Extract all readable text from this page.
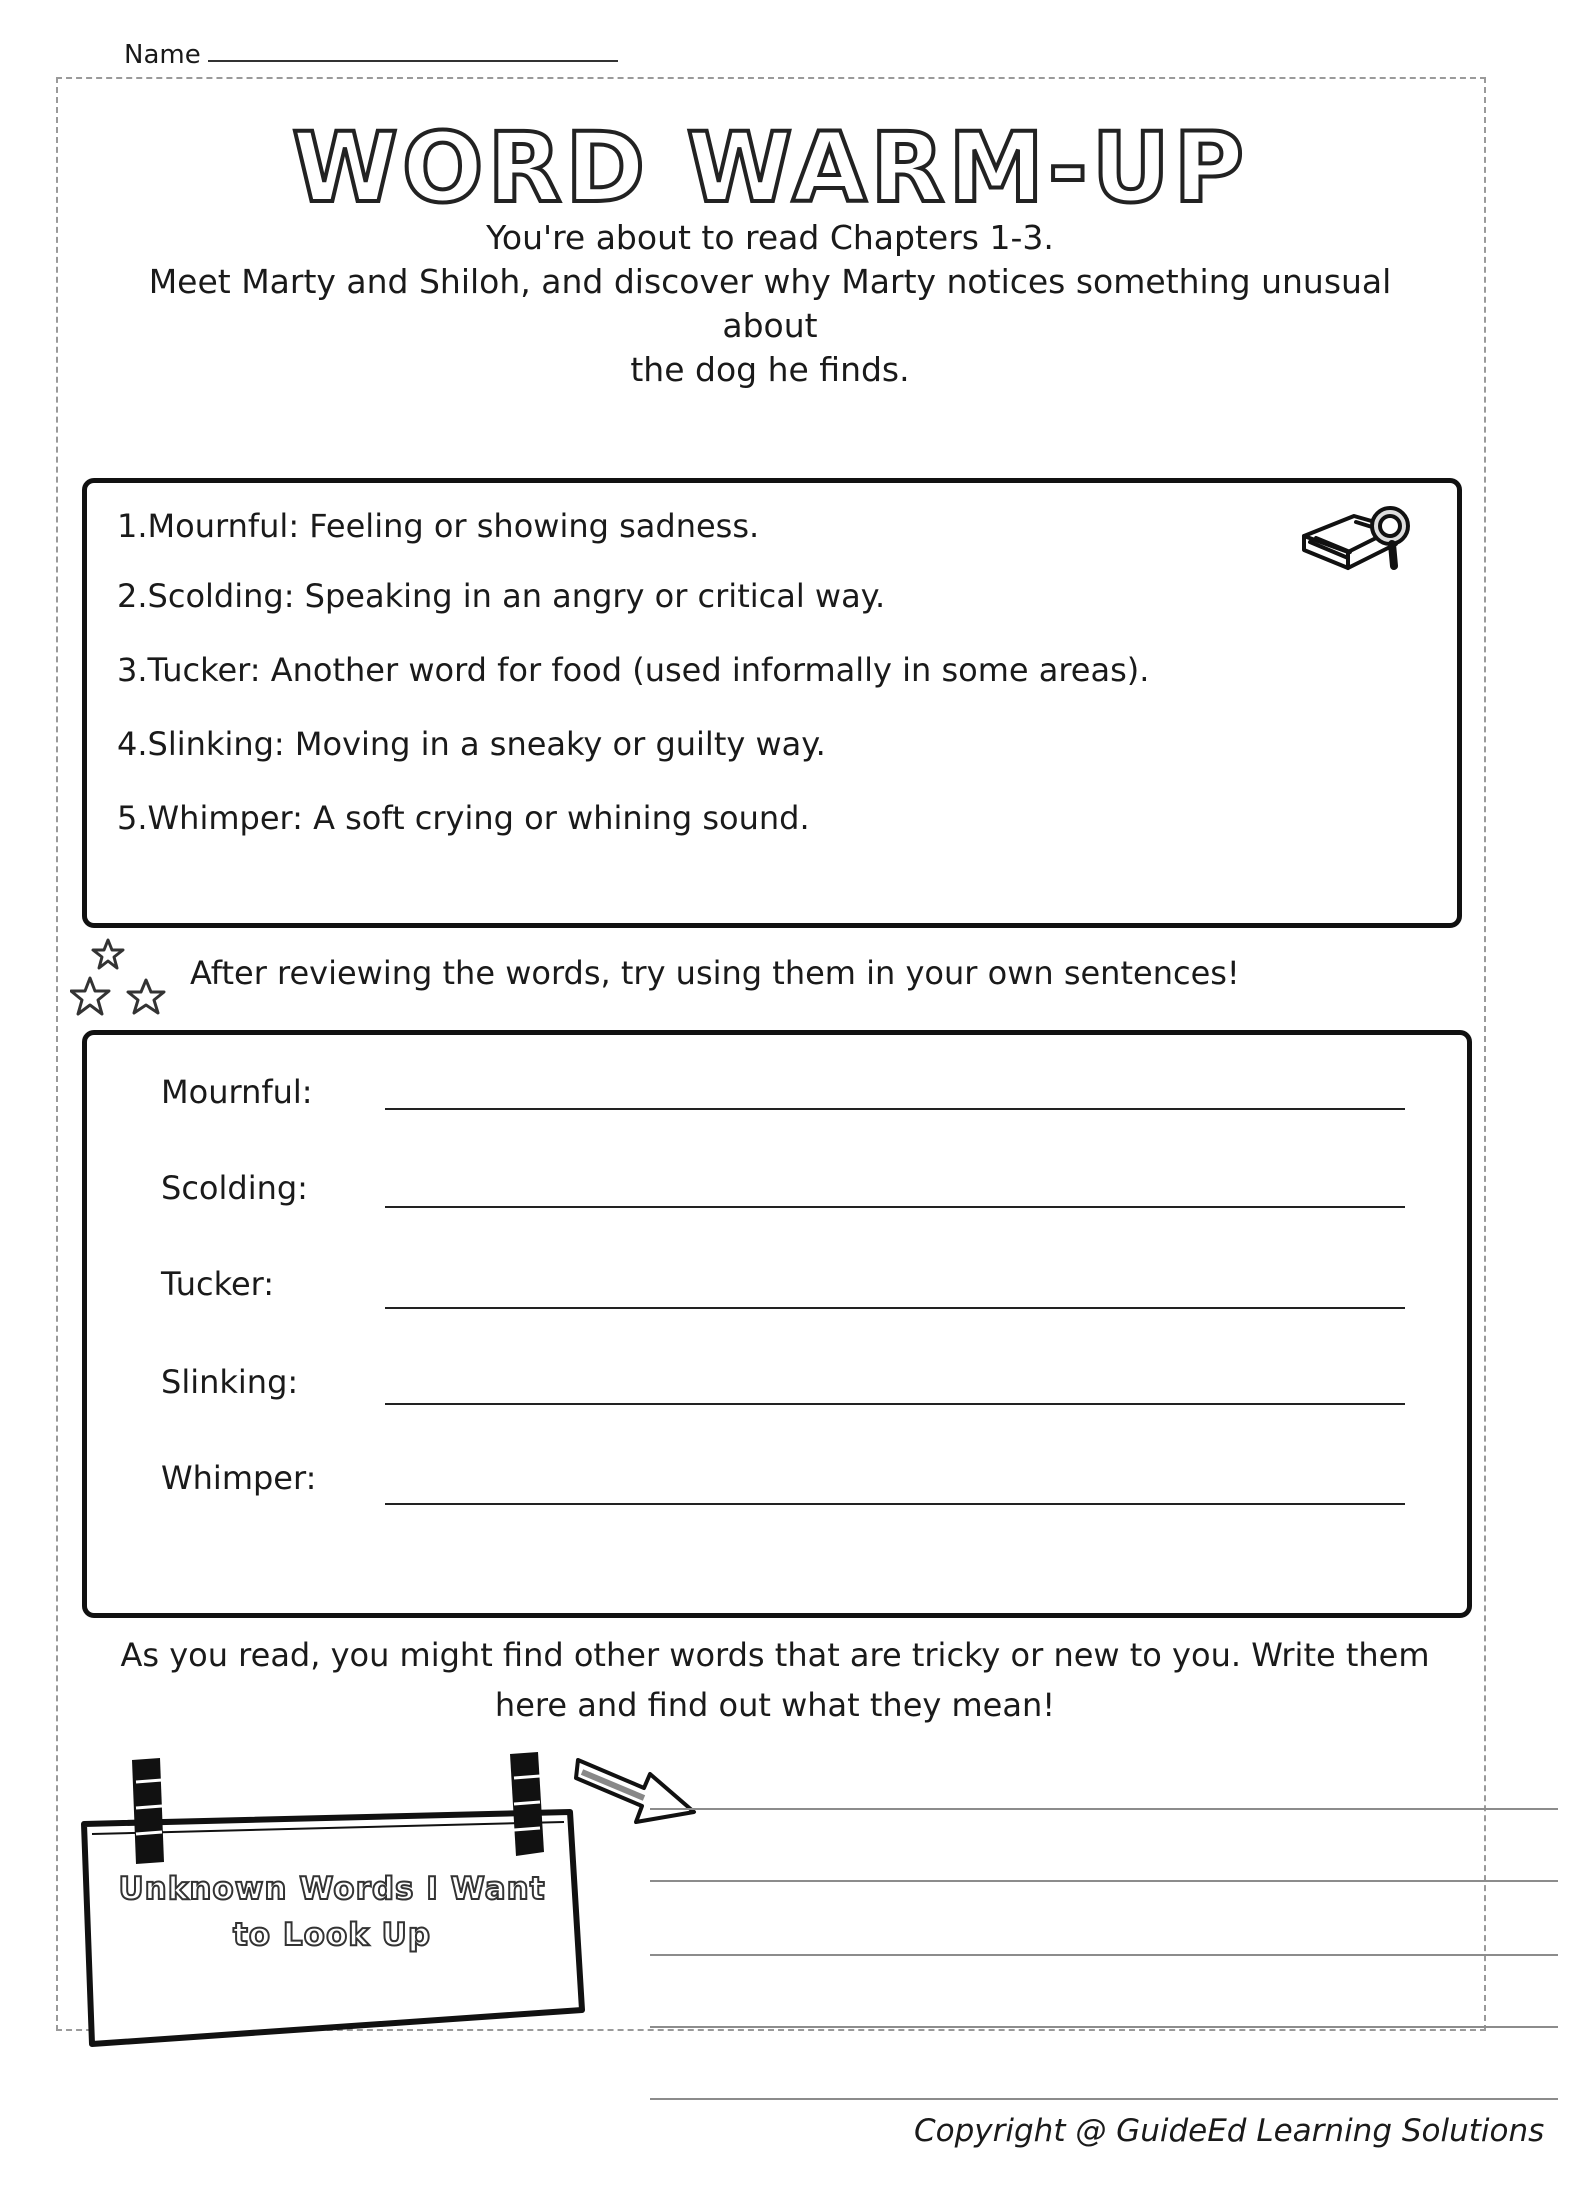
Name
WORD WARM-UP
You're about to read Chapters 1-3.
Meet Marty and Shiloh, and discover why Marty notices something unusual about
the dog he finds.
1.Mournful: Feeling or showing sadness.
2.Scolding: Speaking in an angry or critical way.
3.Tucker: Another word for food (used informally in some areas).
4.Slinking: Moving in a sneaky or guilty way.
5.Whimper: A soft crying or whining sound.
After reviewing the words, try using them in your own sentences!
Mournful:
Scolding:
Tucker:
Slinking:
Whimper:
As you read, you might find other words that are tricky or new to you. Write them
here and find out what they mean!
Unknown Words I Want
to Look Up
Copyright @ GuideEd Learning Solutions
